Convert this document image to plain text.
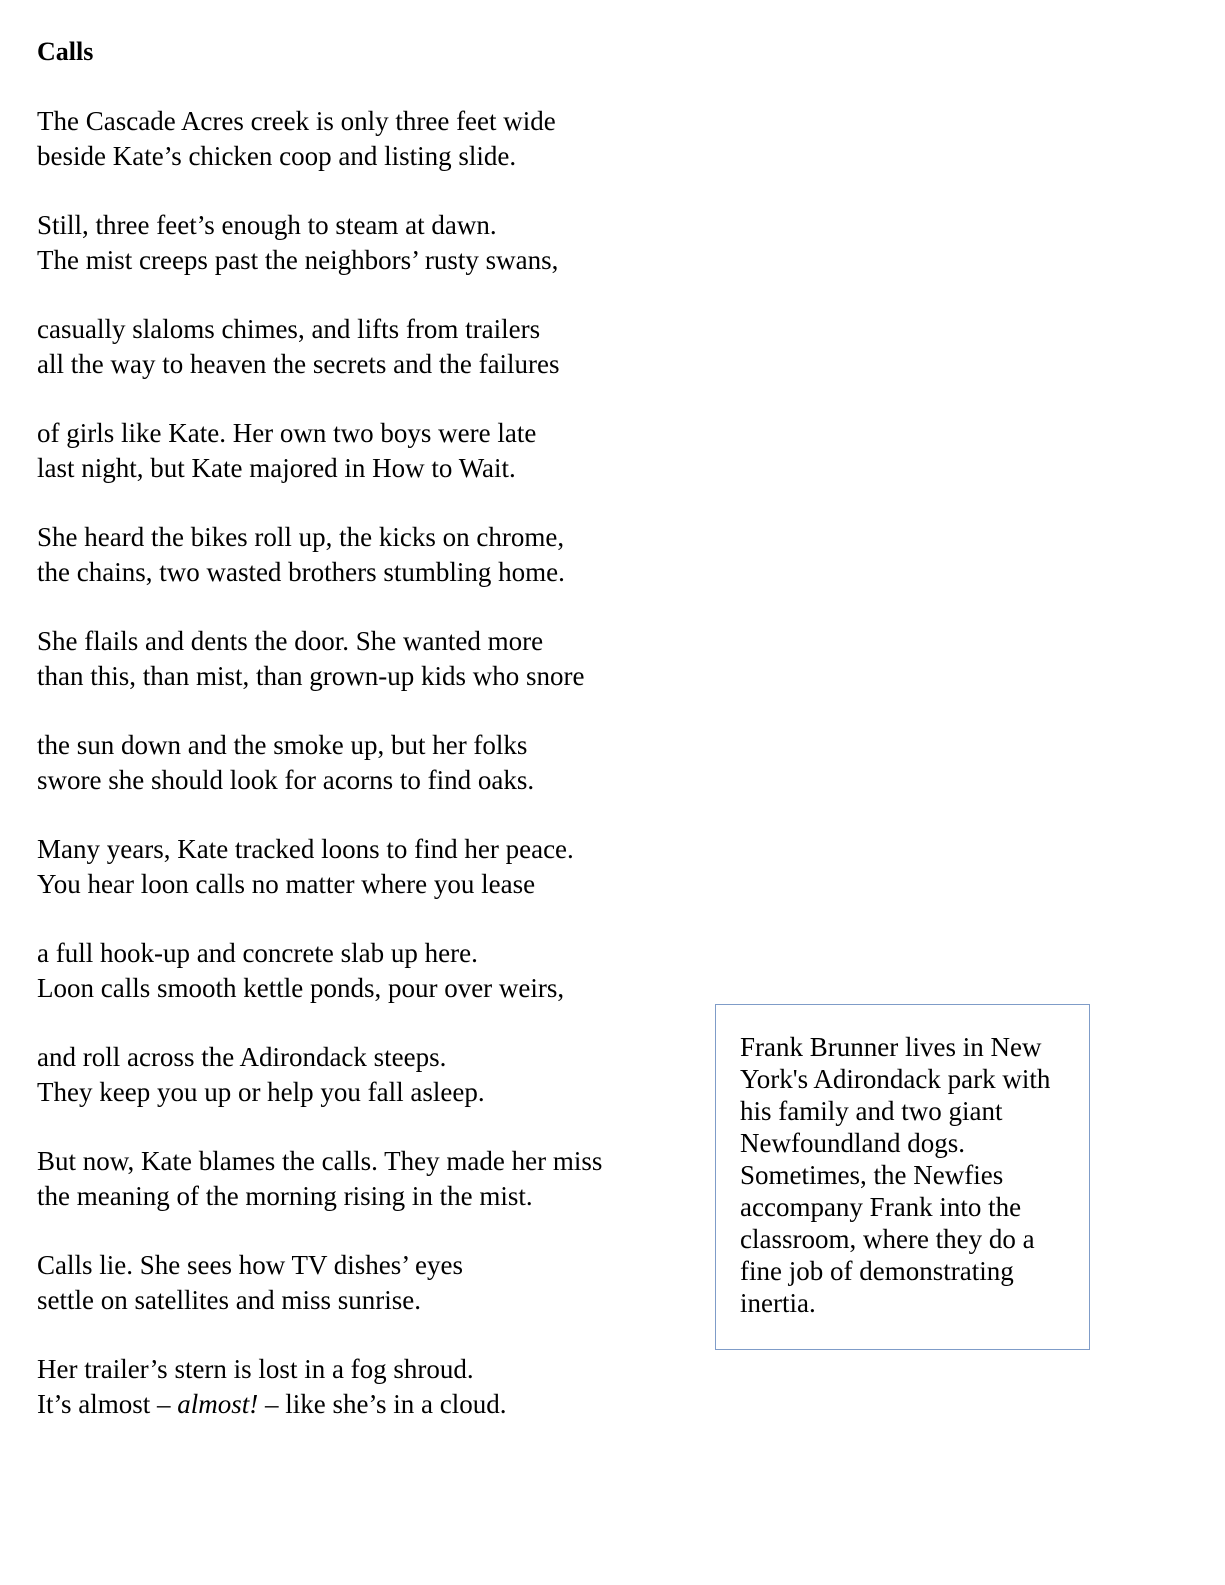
Calls

The Cascade Acres creek is only three feet wide
beside Kate’s chicken coop and listing slide.

Still, three feet’s enough to steam at dawn.
The mist creeps past the neighbors’ rusty swans,

casually slaloms chimes, and lifts from trailers
all the way to heaven the secrets and the failures

of girls like Kate. Her own two boys were late
last night, but Kate majored in How to Wait.

She heard the bikes roll up, the kicks on chrome,
the chains, two wasted brothers stumbling home.

She flails and dents the door. She wanted more
than this, than mist, than grown-up kids who snore

the sun down and the smoke up, but her folks
swore she should look for acorns to find oaks.

Many years, Kate tracked loons to find her peace.
You hear loon calls no matter where you lease

a full hook-up and concrete slab up here.
Loon calls smooth kettle ponds, pour over weirs,

and roll across the Adirondack steeps.
They keep you up or help you fall asleep.

But now, Kate blames the calls. They made her miss
the meaning of the morning rising in the mist.

Calls lie. She sees how TV dishes’ eyes
settle on satellites and miss sunrise.

Her trailer’s stern is lost in a fog shroud.
It’s almost – almost! – like she’s in a cloud.

Frank Brunner lives in New York's Adirondack park with his family and two giant Newfoundland dogs. Sometimes, the Newfies accompany Frank into the classroom, where they do a fine job of demonstrating inertia.
